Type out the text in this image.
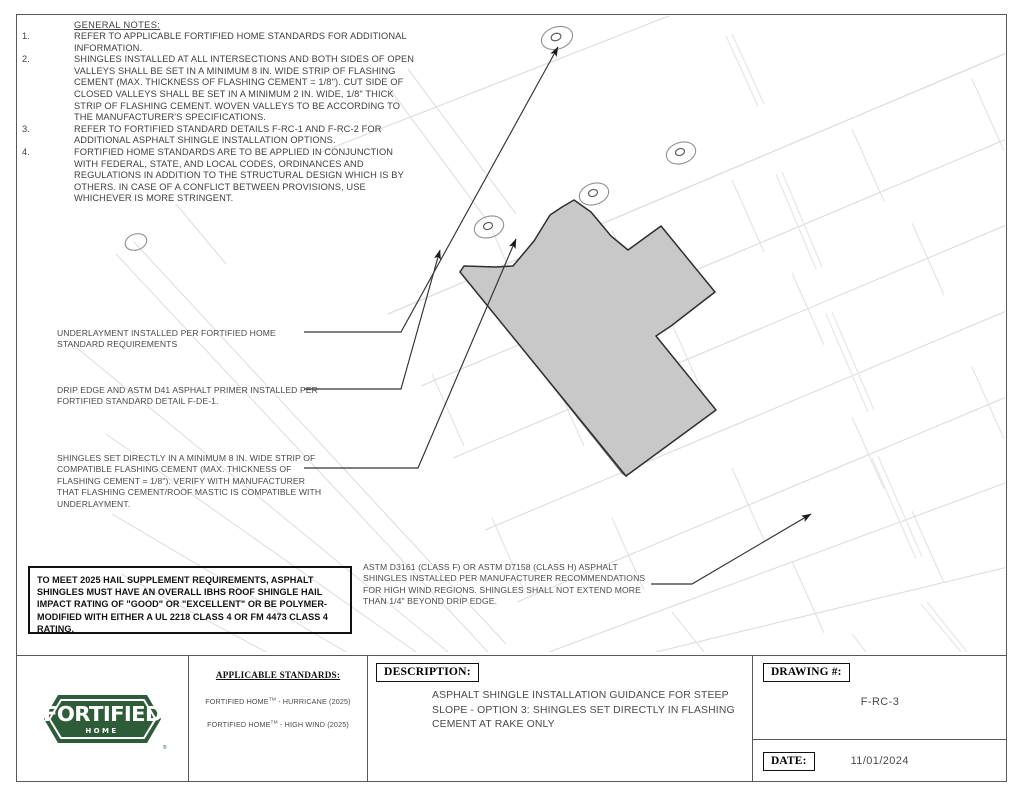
GENERAL NOTES:
1.	REFER TO APPLICABLE FORTIFIED HOME STANDARDS FOR ADDITIONAL INFORMATION.
2.	SHINGLES INSTALLED AT ALL INTERSECTIONS AND BOTH SIDES OF OPEN VALLEYS SHALL BE SET IN A MINIMUM 8 IN. WIDE STRIP OF FLASHING CEMENT (MAX. THICKNESS OF FLASHING CEMENT = 1/8"). CUT SIDE OF CLOSED VALLEYS SHALL BE SET IN A MINIMUM 2 IN. WIDE, 1/8" THICK STRIP OF FLASHING CEMENT. WOVEN VALLEYS TO BE ACCORDING TO THE MANUFACTURER'S SPECIFICATIONS.
3.	REFER TO FORTIFIED STANDARD DETAILS F-RC-1 AND F-RC-2 FOR ADDITIONAL ASPHALT SHINGLE INSTALLATION OPTIONS.
4.	FORTIFIED HOME STANDARDS ARE TO BE APPLIED IN CONJUNCTION WITH FEDERAL, STATE, AND LOCAL CODES, ORDINANCES AND REGULATIONS IN ADDITION TO THE STRUCTURAL DESIGN WHICH IS BY OTHERS. IN CASE OF A CONFLICT BETWEEN PROVISIONS, USE WHICHEVER IS MORE STRINGENT.
UNDERLAYMENT INSTALLED PER FORTIFIED HOME STANDARD REQUIREMENTS
DRIP EDGE AND ASTM D41 ASPHALT PRIMER INSTALLED PER FORTIFIED STANDARD DETAIL F-DE-1.
SHINGLES SET DIRECTLY IN A MINIMUM 8 IN. WIDE STRIP OF COMPATIBLE FLASHING CEMENT (MAX. THICKNESS OF FLASHING CEMENT = 1/8"). VERIFY WITH MANUFACTURER THAT FLASHING CEMENT/ROOF MASTIC IS COMPATIBLE WITH UNDERLAYMENT.
ASTM D3161 (CLASS F) OR ASTM D7158 (CLASS H) ASPHALT SHINGLES INSTALLED PER MANUFACTURER RECOMMENDATIONS FOR HIGH WIND REGIONS. SHINGLES SHALL NOT EXTEND MORE THAN 1/4" BEYOND DRIP EDGE.
TO MEET 2025 HAIL SUPPLEMENT REQUIREMENTS, ASPHALT SHINGLES MUST HAVE AN OVERALL IBHS ROOF SHINGLE HAIL IMPACT RATING OF "GOOD" OR "EXCELLENT" OR BE POLYMER-MODIFIED WITH EITHER A UL 2218 CLASS 4 OR FM 4473 CLASS 4 RATING.
FORTIFIED
HOME
®
APPLICABLE STANDARDS:
FORTIFIED HOME™ - HURRICANE (2025)
FORTIFIED HOME™ - HIGH WIND (2025)
DESCRIPTION:
ASPHALT SHINGLE INSTALLATION GUIDANCE FOR STEEP SLOPE - OPTION 3: SHINGLES SET DIRECTLY IN FLASHING CEMENT AT RAKE ONLY
DRAWING #:
F-RC-3
DATE:	11/01/2024
